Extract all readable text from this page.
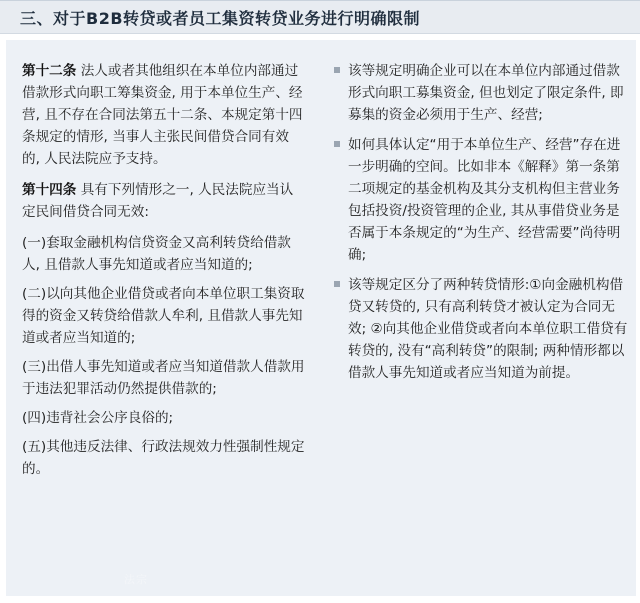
三、对于B2B转贷或者员工集资转贷业务进行明确限制

第十二条 法人或者其他组织在本单位内部通过借款形式向职工筹集资金, 用于本单位生产、经营, 且不存在合同法第五十二条、本规定第十四条规定的情形, 当事人主张民间借贷合同有效的, 人民法院应予支持。

第十四条 具有下列情形之一, 人民法院应当认定民间借贷合同无效:

(一)套取金融机构信贷资金又高利转贷给借款人, 且借款人事先知道或者应当知道的;

(二)以向其他企业借贷或者向本单位职工集资取得的资金又转贷给借款人牟利, 且借款人事先知道或者应当知道的;

(三)出借人事先知道或者应当知道借款人借款用于违法犯罪活动仍然提供借款的;

(四)违背社会公序良俗的;

(五)其他违反法律、行政法规效力性强制性规定的。

该等规定明确企业可以在本单位内部通过借款形式向职工募集资金, 但也划定了限定条件, 即募集的资金必须用于生产、经营;
如何具体认定“用于本单位生产、经营”存在进一步明确的空间。比如非本《解释》第一条第二项规定的基金机构及其分支机构但主营业务包括投资/投资管理的企业, 其从事借贷业务是否属于本条规定的“为生产、经营需要”尚待明确;
该等规定区分了两种转贷情形:①向金融机构借贷又转贷的, 只有高利转贷才被认定为合同无效; ②向其他企业借贷或者向本单位职工借贷有转贷的, 没有“高利转贷”的限制; 两种情形都以借款人事先知道或者应当知道为前提。
法宗
